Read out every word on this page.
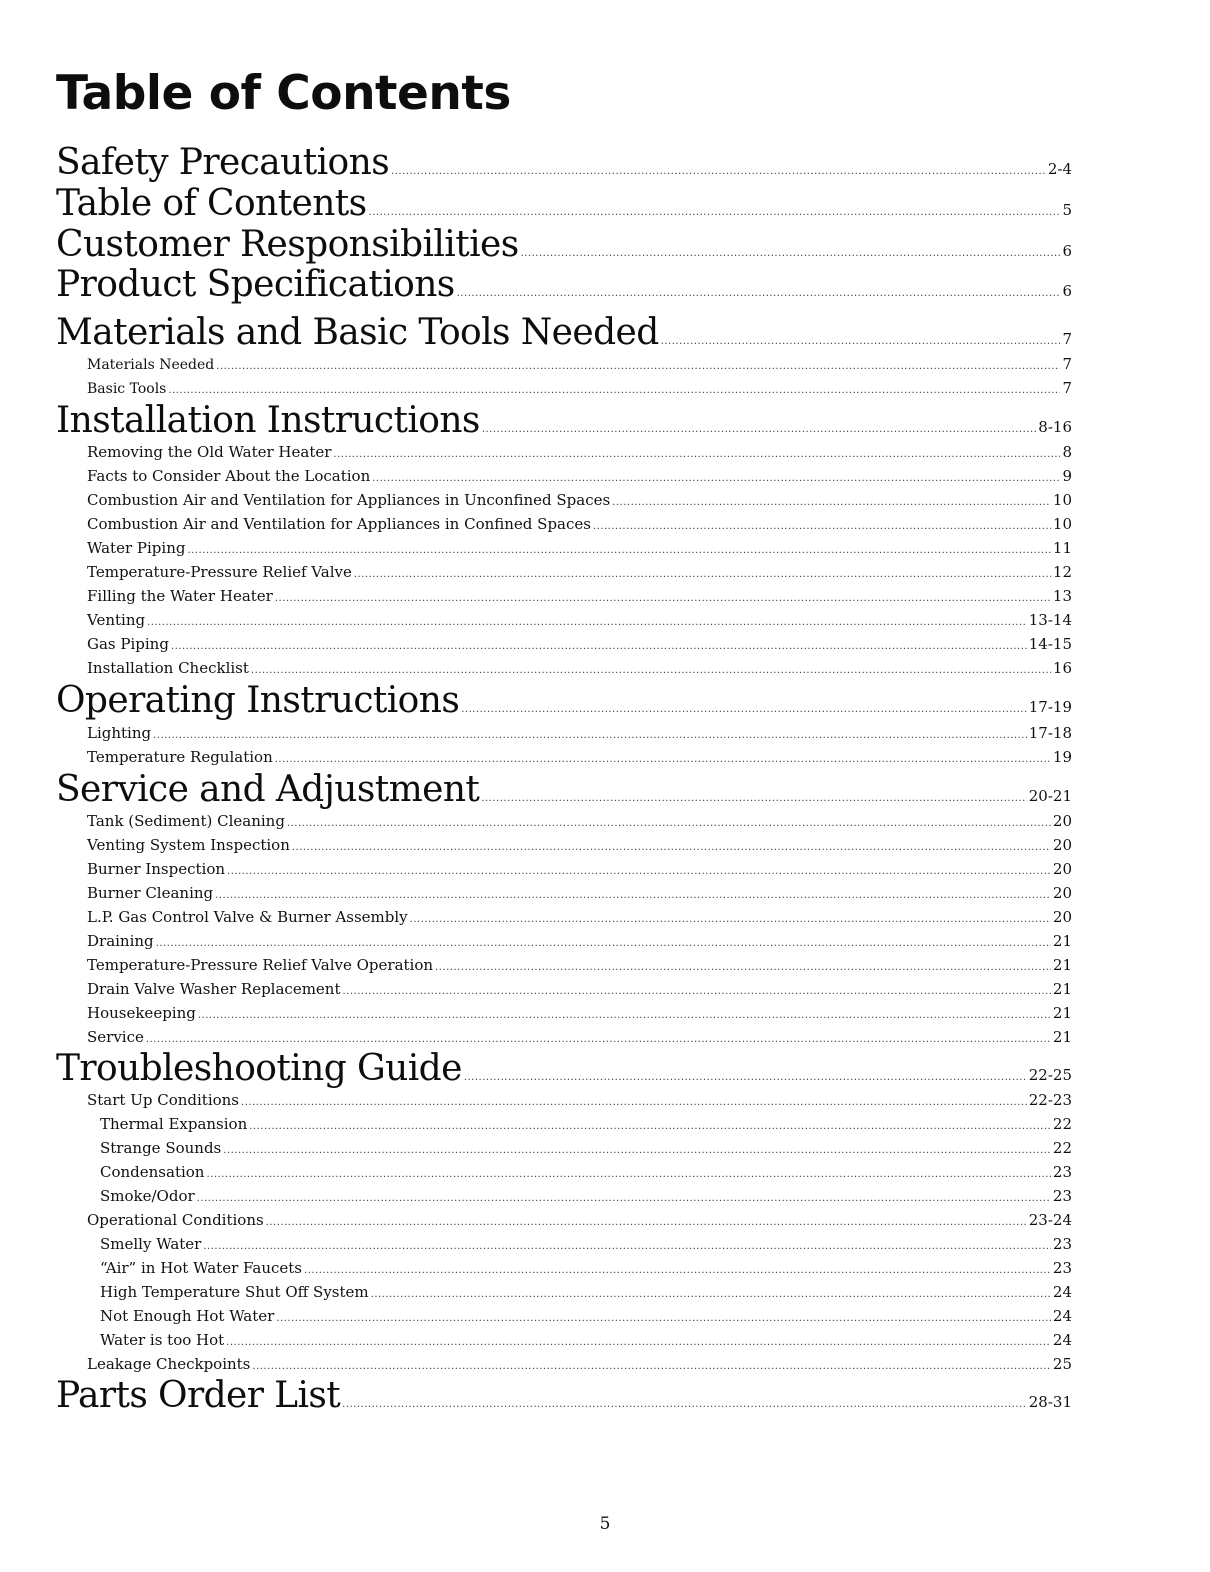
Table of Contents
Safety Precautions .....	2-4
Table of Contents .....	5
Customer Responsibilities .....	6
Product Specifications .....	6
Materials and Basic Tools Needed .....	7
Materials Needed .....	7
Basic Tools .....	7
Installation Instructions .....	8-16
Removing the Old Water Heater .....	8
Facts to Consider About the Location .....	9
Combustion Air and Ventilation for Appliances in Unconfined Spaces .....	10
Combustion Air and Ventilation for Appliances in Confined Spaces .....	10
Water Piping .....	11
Temperature-Pressure Relief Valve .....	12
Filling the Water Heater .....	13
Venting .....	13-14
Gas Piping .....	14-15
Installation Checklist .....	16
Operating Instructions .....	17-19
Lighting .....	17-18
Temperature Regulation .....	19
Service and Adjustment .....	20-21
Tank (Sediment) Cleaning .....	20
Venting System Inspection .....	20
Burner Inspection .....	20
Burner Cleaning .....	20
L.P. Gas Control Valve & Burner Assembly .....	20
Draining .....	21
Temperature-Pressure Relief Valve Operation .....	21
Drain Valve Washer Replacement .....	21
Housekeeping .....	21
Service .....	21
Troubleshooting Guide .....	22-25
Start Up Conditions .....	22-23
Thermal Expansion .....	22
Strange Sounds .....	22
Condensation .....	23
Smoke/Odor .....	23
Operational Conditions .....	23-24
Smelly Water .....	23
“Air” in Hot Water Faucets .....	23
High Temperature Shut Off System .....	24
Not Enough Hot Water .....	24
Water is too Hot .....	24
Leakage Checkpoints .....	25
Parts Order List .....	28-31
5
